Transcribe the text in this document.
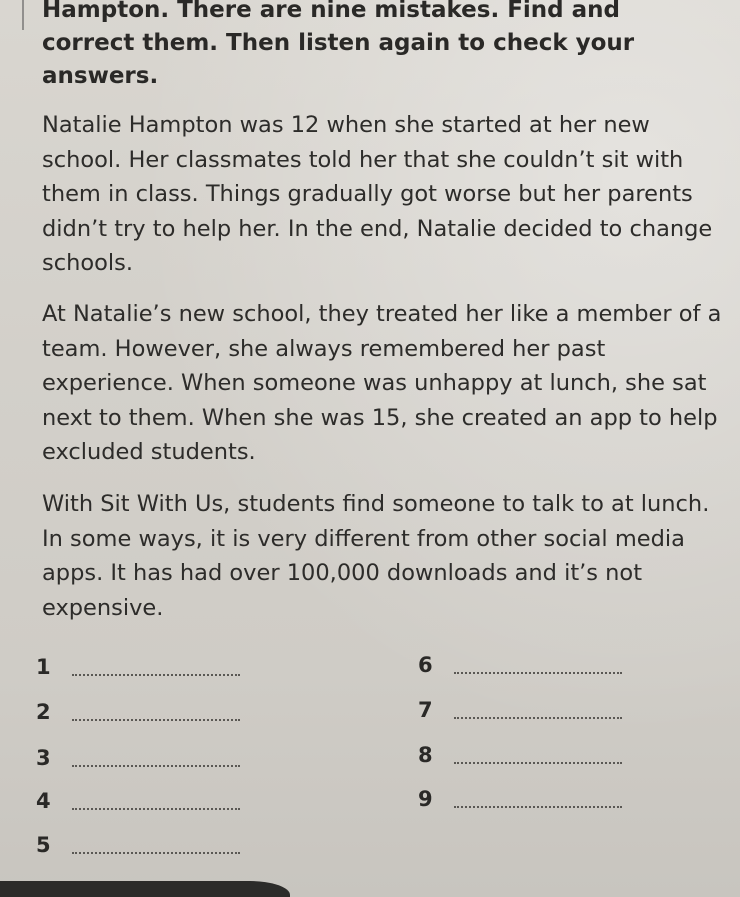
Hampton. There are nine mistakes. Find and correct them. Then listen again to check your answers.

Natalie Hampton was 12 when she started at her new school. Her classmates told her that she couldn’t sit with them in class. Things gradually got worse but her parents didn’t try to help her. In the end, Natalie decided to change schools.

At Natalie’s new school, they treated her like a member of a team. However, she always remembered her past experience. When someone was unhappy at lunch, she sat next to them. When she was 15, she created an app to help excluded students.

With Sit With Us, students find someone to talk to at lunch. In some ways, it is very different from other social media apps. It has had over 100,000 downloads and it’s not expensive.

1
2
3
4
5
6
7
8
9
